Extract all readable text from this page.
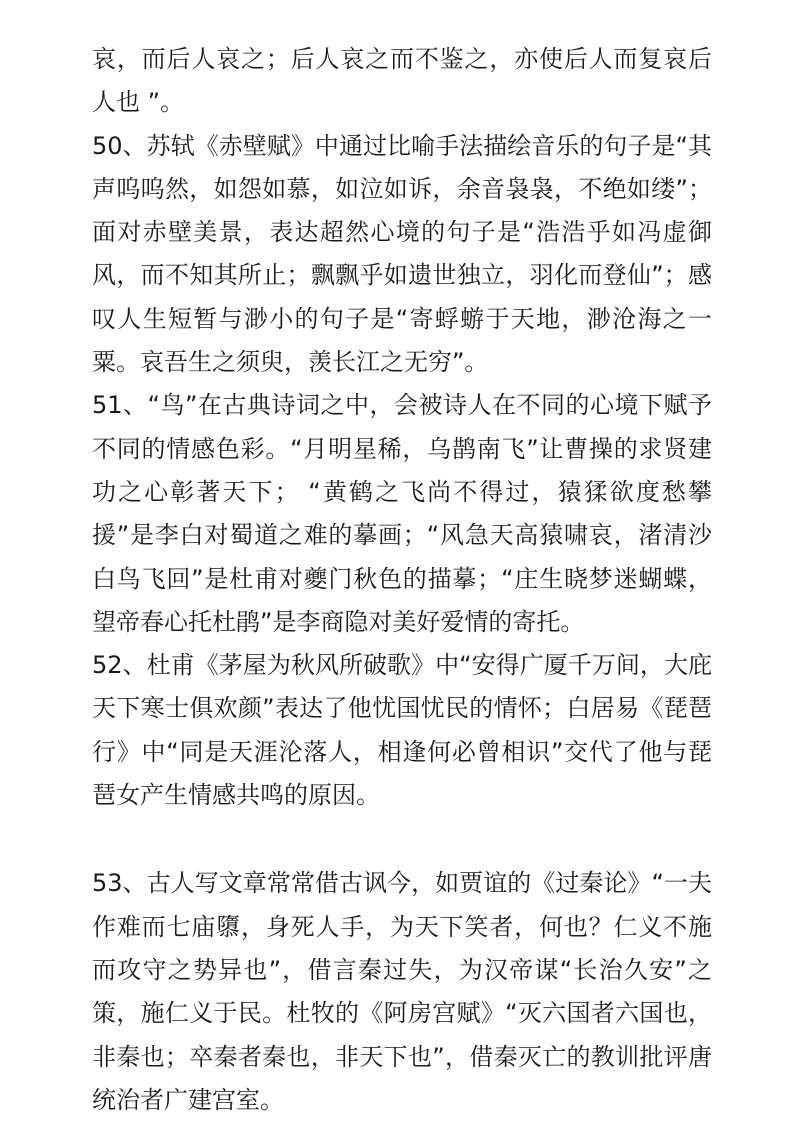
哀，而后人哀之；后人哀之而不鉴之，亦使后人而复哀后人也 ”。

50、苏轼《赤壁赋》中通过比喻手法描绘音乐的句子是“其声呜呜然，如怨如慕，如泣如诉，余音袅袅，不绝如缕”；面对赤壁美景，表达超然心境的句子是“浩浩乎如冯虚御风，而不知其所止；飘飘乎如遗世独立，羽化而登仙”；感叹人生短暂与渺小的句子是“寄蜉蝣于天地，渺沧海之一粟。哀吾生之须臾，羡长江之无穷”。

51、“鸟”在古典诗词之中，会被诗人在不同的心境下赋予不同的情感色彩。“月明星稀，乌鹊南飞”让曹操的求贤建功之心彰著天下； “黄鹤之飞尚不得过，猿猱欲度愁攀援”是李白对蜀道之难的摹画；“风急天高猿啸哀，渚清沙白鸟飞回”是杜甫对夔门秋色的描摹；“庄生晓梦迷蝴蝶，望帝春心托杜鹃”是李商隐对美好爱情的寄托。

52、杜甫《茅屋为秋风所破歌》中“安得广厦千万间，大庇天下寒士俱欢颜”表达了他忧国忧民的情怀；白居易《琵琶行》中“同是天涯沦落人，相逢何必曾相识”交代了他与琵琶女产生情感共鸣的原因。

53、古人写文章常常借古讽今，如贾谊的《过秦论》“一夫作难而七庙隳，身死人手，为天下笑者，何也？仁义不施而攻守之势异也”，借言秦过失，为汉帝谋“长治久安”之策，施仁义于民。杜牧的《阿房宫赋》“灭六国者六国也，非秦也；卒秦者秦也，非天下也”，借秦灭亡的教训批评唐统治者广建宫室。
